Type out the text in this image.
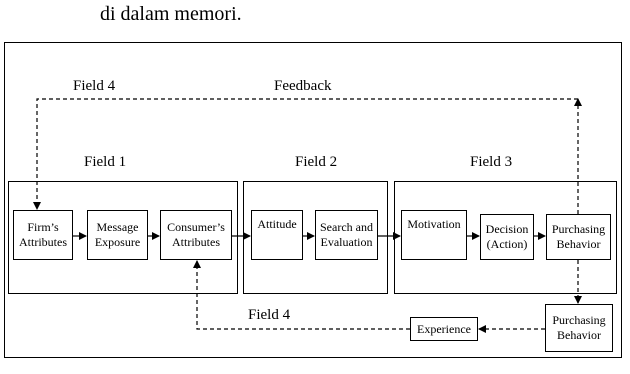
di dalam memori.
Field 4	Feedback
Field 1	Field 2	Field 3
Field 4
Firm’s
Attributes
Message
Exposure
Consumer’s
Attributes
Attitude Search and
Evaluation
Motivation Decision
(Action)
Purchasing
Behavior
Purchasing
Behavior
Experience
